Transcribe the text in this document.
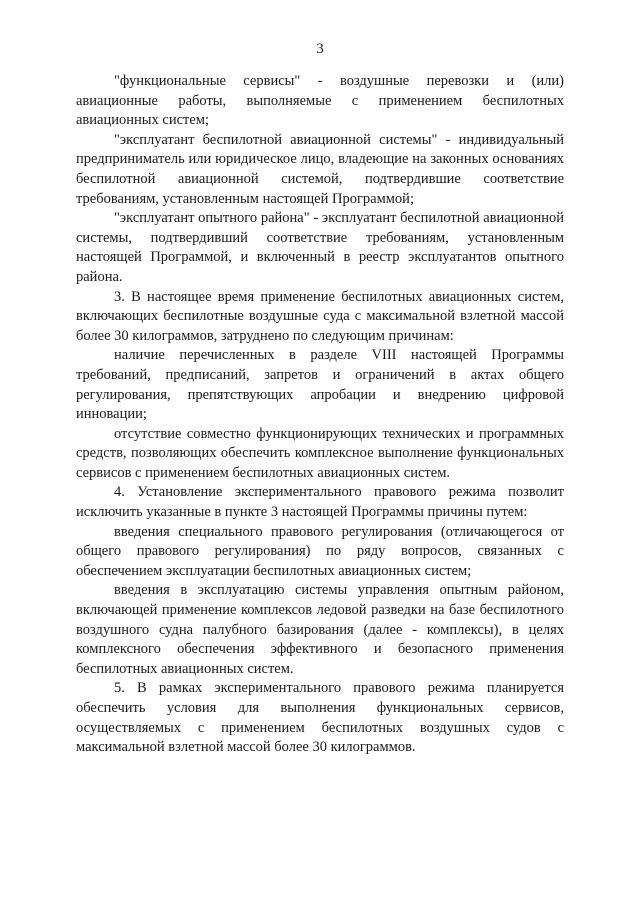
3

"функциональные сервисы" - воздушные перевозки и (или) авиационные работы, выполняемые с применением беспилотных авиационных систем;

"эксплуатант беспилотной авиационной системы" - индивидуальный предприниматель или юридическое лицо, владеющие на законных основаниях беспилотной авиационной системой, подтвердившие соответствие требованиям, установленным настоящей Программой;

"эксплуатант опытного района" - эксплуатант беспилотной авиационной системы, подтвердивший соответствие требованиям, установленным настоящей Программой, и включенный в реестр эксплуатантов опытного района.

3. В настоящее время применение беспилотных авиационных систем, включающих беспилотные воздушные суда с максимальной взлетной массой более 30 килограммов, затруднено по следующим причинам:

наличие перечисленных в разделе VIII настоящей Программы требований, предписаний, запретов и ограничений в актах общего регулирования, препятствующих апробации и внедрению цифровой инновации;

отсутствие совместно функционирующих технических и программных средств, позволяющих обеспечить комплексное выполнение функциональных сервисов с применением беспилотных авиационных систем.

4. Установление экспериментального правового режима позволит исключить указанные в пункте 3 настоящей Программы причины путем:

введения специального правового регулирования (отличающегося от общего правового регулирования) по ряду вопросов, связанных с обеспечением эксплуатации беспилотных авиационных систем;

введения в эксплуатацию системы управления опытным районом, включающей применение комплексов ледовой разведки на базе беспилотного воздушного судна палубного базирования (далее - комплексы), в целях комплексного обеспечения эффективного и безопасного применения беспилотных авиационных систем.

5. В рамках экспериментального правового режима планируется обеспечить условия для выполнения функциональных сервисов, осуществляемых с применением беспилотных воздушных судов с максимальной взлетной массой более 30 килограммов.
